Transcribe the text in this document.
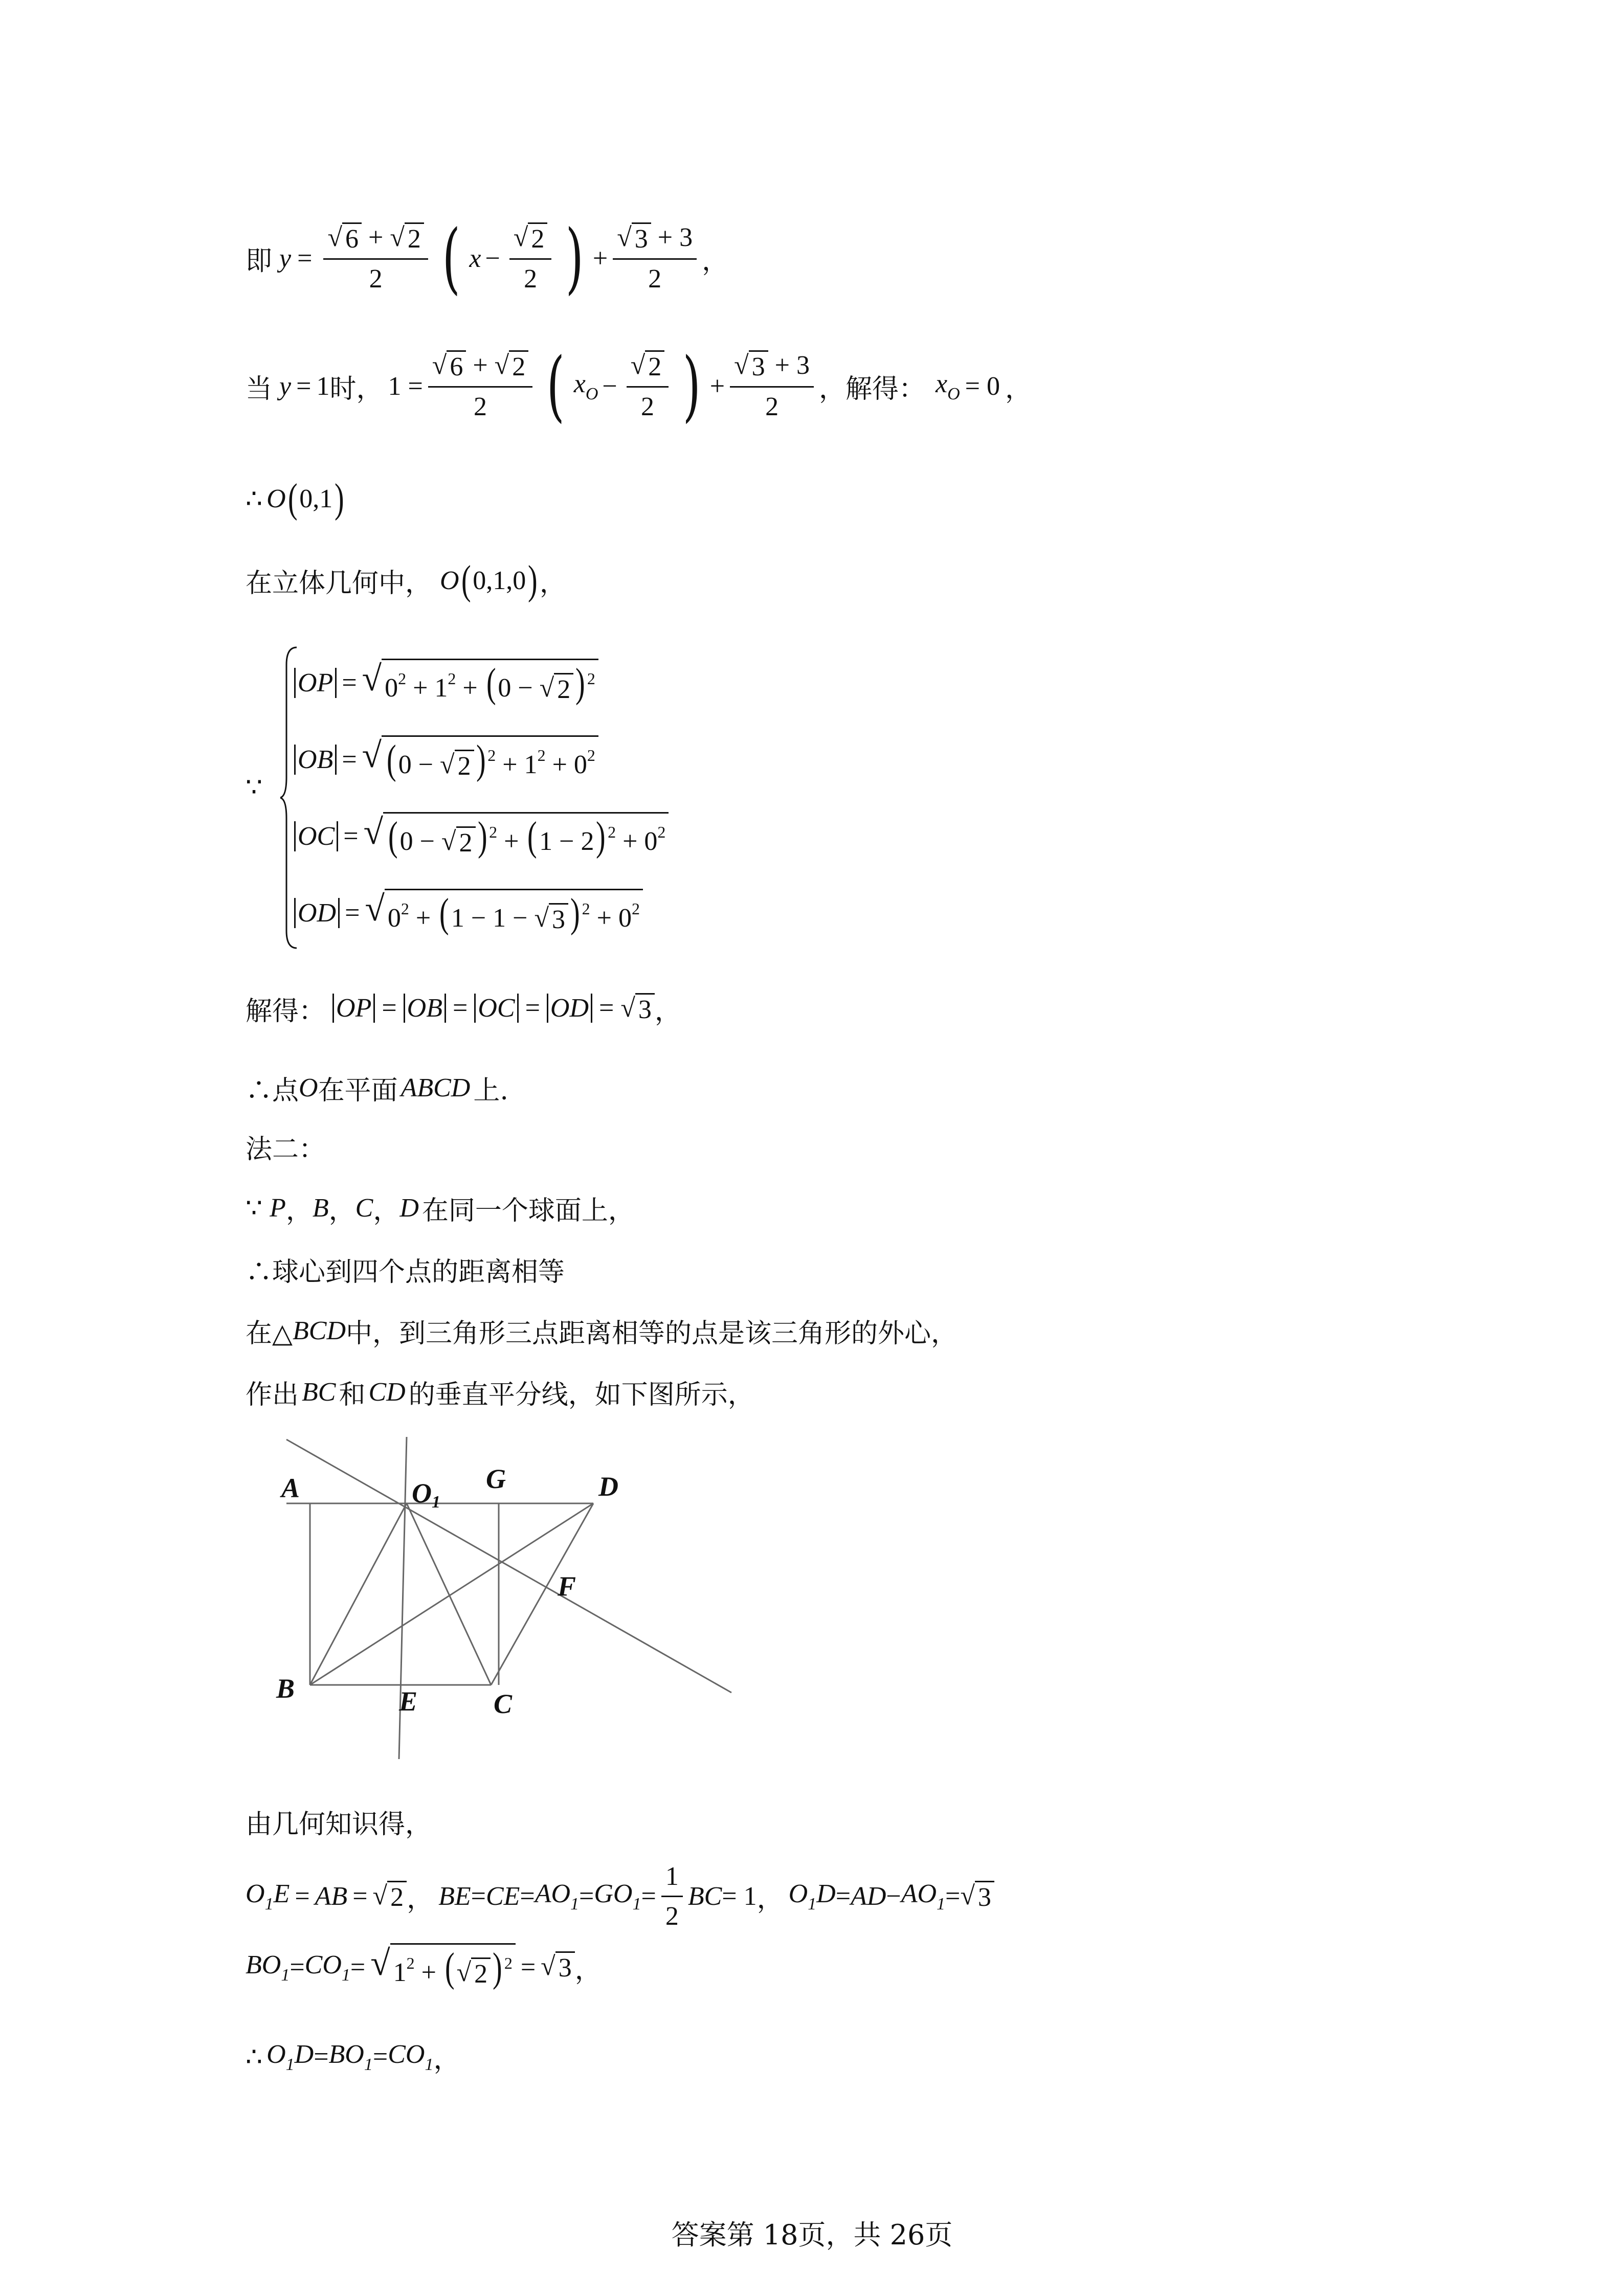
即 $y = \frac{√ 6 + √ 2}{2}$ ( $x - \frac{√ 2}{2}$ ) + $\frac{√ 3 + 3}{2}$ ，
当 y = 1 时， $1 = \frac{√ 6 + √ 2}{2}$ ( $x_O - \frac{√ 2}{2}$ ) + $\frac{√ 3 + 3}{2}$ ，解得： $x_O = 0$ ，
∴ O ( 0,1 )
在立体几何中， O ( 0,1,0 ) ，
∵
OP = √ $0^2 + 1^2 + (0$ − √ 2 ) $^2$
OB = √ (0 − √ 2 ) $^2 + 1^2 + 0^2$
OC = √ (0 − √ 2 ) $^2$ + (1 − 2) $^2 + 0^2$
OD = √ $0^2 + (1 - 1$ − √ 3 ) $^2 + 0^2$
解得： OP = OB = OC = OD = √ 3 ，
∴点 O 在平面 ABCD 上.
法二：
∵ P ， B ， C ， D 在同一个球面上，
∴球心到四个点的距离相等
在△ BCD 中，到三角形三点距离相等的点是该三角形的外心，
作出 BC 和 CD 的垂直平分线，如下图所示，
A	O1
G	D
F
B	E	C
由几何知识得，
$O_1E$ = AB = √ 2 ， BE = CE = $AO_1 = GO_1 = \frac{1}{2}$ BC = 1 ， $O_1D$ = AD − $AO_1$ = √ 3
$BO_1 = CO_1$ = √ $1^2$ + ( √ 2 ) $^2$ = √ 3 ，
∴ $O_1D = BO_1 = CO_1$ ，
答案第 18页，共 26页
